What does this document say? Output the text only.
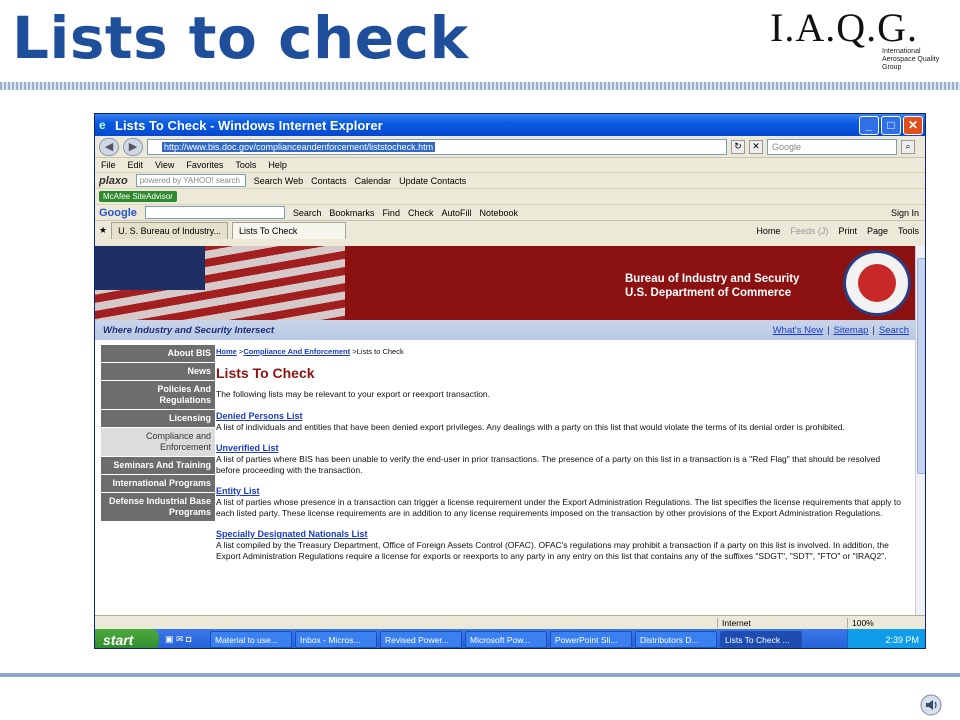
Lists to check	I.A.Q.G.
International Aerospace Quality Group
e Lists To Check - Windows Internet Explorer	_	□	✕
◀	▶	http://www.bis.doc.gov/complianceandenforcement/liststocheck.htm	↻	✕	Google	⌕
File Edit View Favorites Tools Help
plaxo	powered by YAHOO! search	Search Web Contacts Calendar Update Contacts
McAfee SiteAdvisor
Google	Search Bookmarks Find Check AutoFill Notebook	Sign In
★	U. S. Bureau of Industry...	Lists To Check	Home Feeds (J) Print Page Tools
Bureau of Industry and Security
U.S. Department of Commerce
Where Industry and Security Intersect	What's New | Sitemap | Search
About BIS
News
Policies And Regulations
Licensing
Compliance and Enforcement
Seminars And Training
International Programs
Defense Industrial Base Programs
Home >Compliance And Enforcement >Lists to Check
Lists To Check
The following lists may be relevant to your export or reexport transaction.
Denied Persons List
A list of individuals and entities that have been denied export privileges. Any dealings with a party on this list that would violate the terms of its denial order is prohibited.
Unverified List
A list of parties where BIS has been unable to verify the end-user in prior transactions. The presence of a party on this list in a transaction is a "Red Flag" that should be resolved before proceeding with the transaction.
Entity List
A list of parties whose presence in a transaction can trigger a license requirement under the Export Administration Regulations. The list specifies the license requirements that apply to each listed party. These license requirements are in addition to any license requirements imposed on the transaction by other provisions of the Export Administration Regulations.
Specially Designated Nationals List
A list compiled by the Treasury Department, Office of Foreign Assets Control (OFAC). OFAC's regulations may prohibit a transaction if a party on this list is involved. In addition, the Export Administration Regulations require a license for exports or reexports to any party in any entry on this list that contains any of the suffixes "SDGT", "SDT", "FTO" or "IRAQ2".
Internet	100%
start	▣ ✉ ◘	Material to use...	Inbox - Micros...	Revised Power...	Microsoft Pow...	PowerPoint Sli...	Distributors D...	Lists To Check ...	2:39 PM
